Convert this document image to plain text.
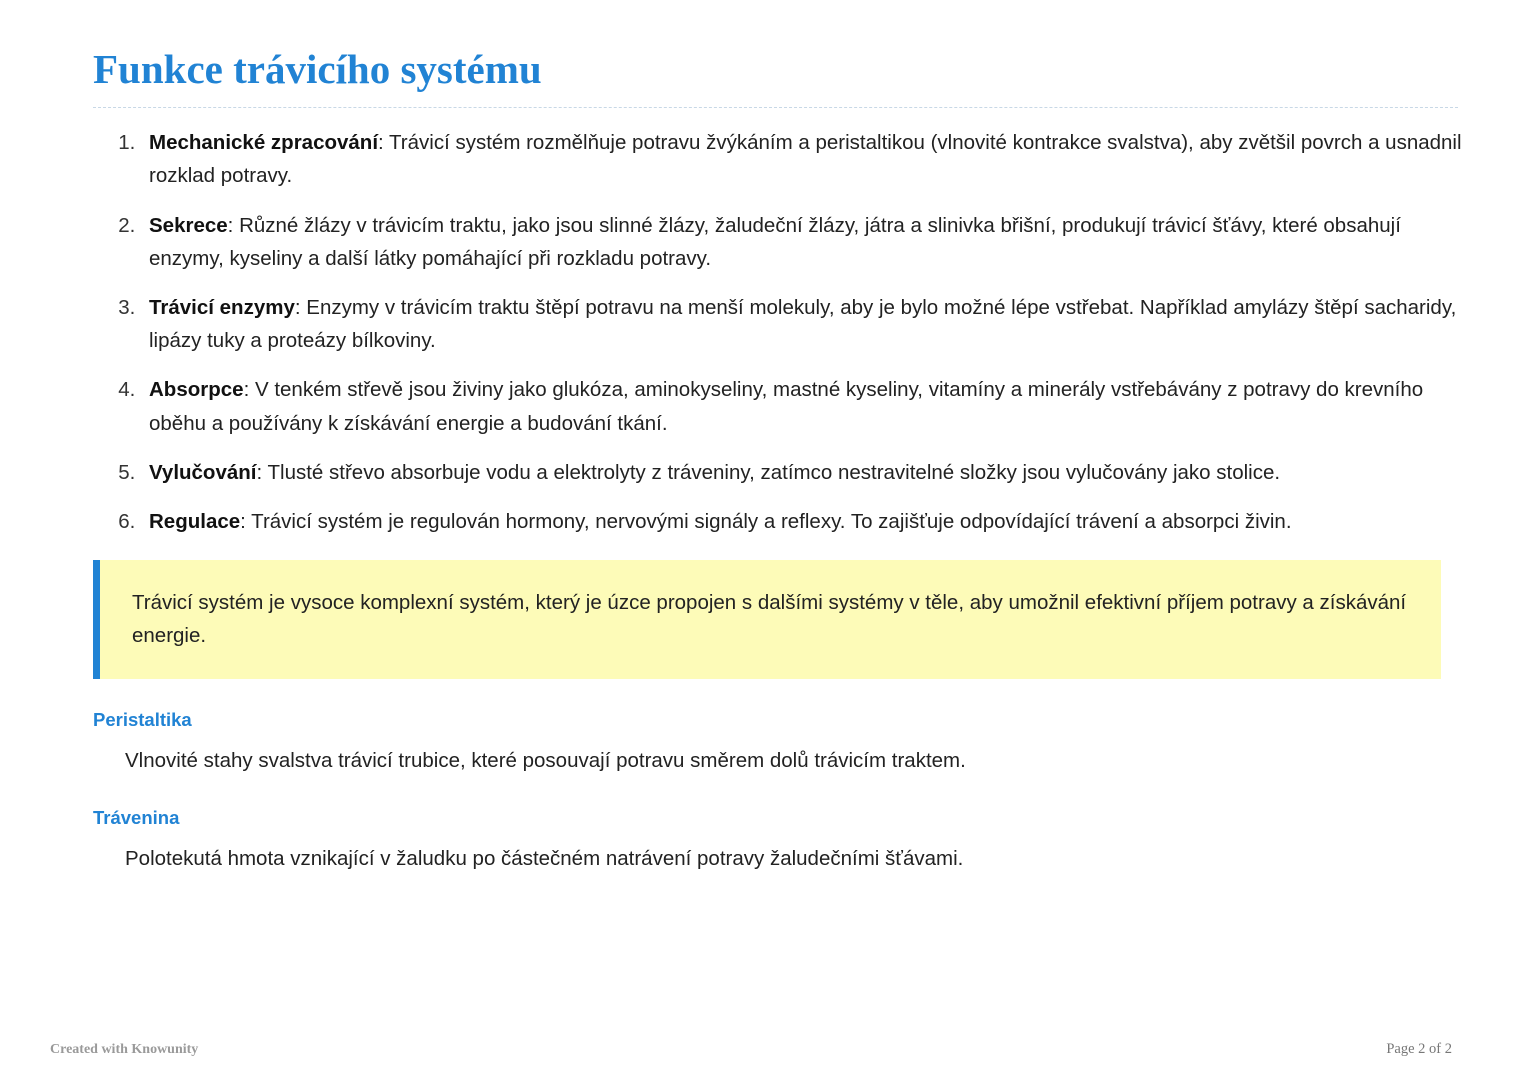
Funkce trávicího systému
1. Mechanické zpracování: Trávicí systém rozmělňuje potravu žvýkáním a peristaltikou (vlnovité kontrakce svalstva), aby zvětšil povrch a usnadnil rozklad potravy.
2. Sekrece: Různé žlázy v trávicím traktu, jako jsou slinné žlázy, žaludeční žlázy, játra a slinivka břišní, produkují trávicí šťávy, které obsahují enzymy, kyseliny a další látky pomáhající při rozkladu potravy.
3. Trávicí enzymy: Enzymy v trávicím traktu štěpí potravu na menší molekuly, aby je bylo možné lépe vstřebat. Například amylázy štěpí sacharidy, lipázy tuky a proteázy bílkoviny.
4. Absorpce: V tenkém střevě jsou živiny jako glukóza, aminokyseliny, mastné kyseliny, vitamíny a minerály vstřebávány z potravy do krevního oběhu a používány k získávání energie a budování tkání.
5. Vylučování: Tlusté střevo absorbuje vodu a elektrolyty z tráveniny, zatímco nestravitelné složky jsou vylučovány jako stolice.
6. Regulace: Trávicí systém je regulován hormony, nervovými signály a reflexy. To zajišťuje odpovídající trávení a absorpci živin.
Trávicí systém je vysoce komplexní systém, který je úzce propojen s dalšími systémy v těle, aby umožnil efektivní příjem potravy a získávání energie.
Peristaltika
Vlnovité stahy svalstva trávicí trubice, které posouvají potravu směrem dolů trávicím traktem.
Trávenina
Polotekutá hmota vznikající v žaludku po částečném natrávení potravy žaludečními šťávami.
Created with Knowunity	Page 2 of 2
